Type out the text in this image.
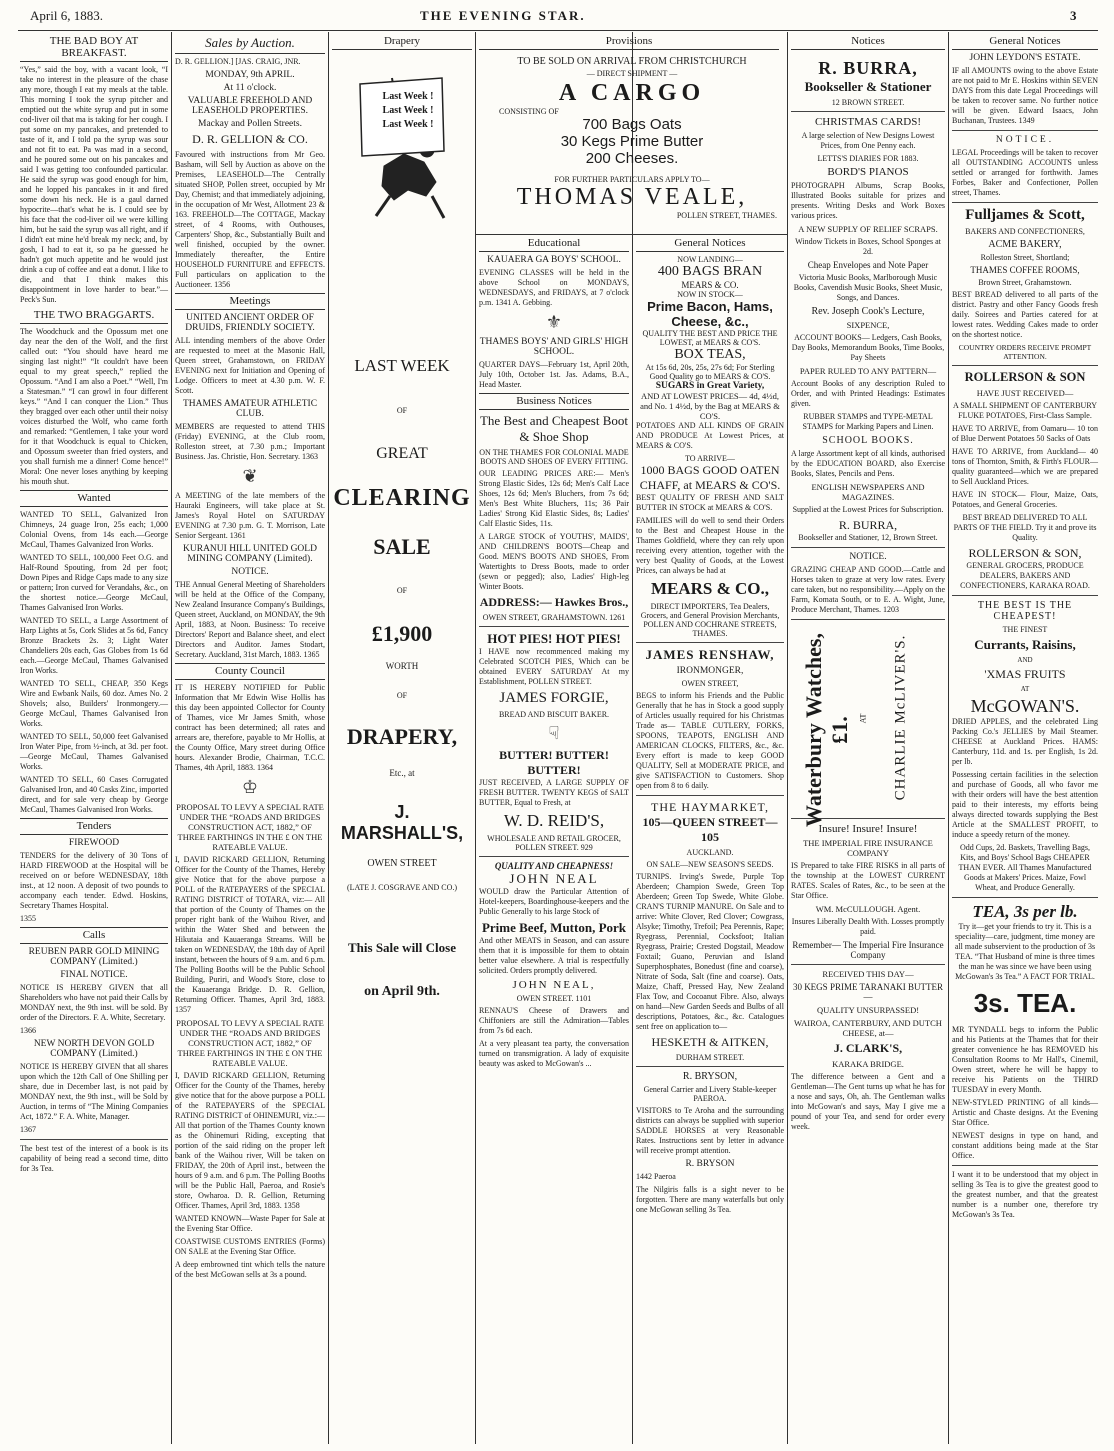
April 6, 1883.	THE EVENING STAR.	3
THE BAD BOY AT BREAKFAST.

“Yes,” said the boy, with a vacant look, “I take no interest in the pleasure of the chase any more, though I eat my meals at the table. This morning I took the syrup pitcher and emptied out the white syrup and put in some cod-liver oil that ma is taking for her cough. I put some on my pancakes, and pretended to taste of it, and I told pa the syrup was sour and not fit to eat. Pa was mad in a second, and he poured some out on his pancakes and said I was getting too confounded particular. He said the syrup was good enough for him, and he lopped his pancakes in it and fired some down his neck. He is a gaul darned hypocrite—that's what he is. I could see by his face that the cod-liver oil we were killing him, but he said the syrup was all right, and if I didn't eat mine he'd break my neck; and, by gosh, I had to eat it, so pa he guessed he hadn't got much appetite and he would just drink a cup of coffee and eat a donut. I like to die, and that I think makes this disappointment in love harder to bear.”—Peck's Sun.

THE TWO BRAGGARTS.

The Woodchuck and the Opossum met one day near the den of the Wolf, and the first called out: “You should have heard me singing last night!” “It couldn't have been equal to my great speech,” replied the Opossum. “And I am also a Poet.” “Well, I'm a Statesman.” “I can growl in four different keys.” “And I can conquer the Lion.” Thus they bragged over each other until their noisy voices disturbed the Wolf, who came forth and remarked: “Gentlemen, I take your word for it that Woodchuck is equal to Chicken, and Opossum sweeter than fried oysters, and you shall furnish me a dinner! Come hence!” Moral: One never loses anything by keeping his mouth shut.

Wanted

WANTED TO SELL, Galvanized Iron Chimneys, 24 guage Iron, 25s each; 1,000 Colonial Ovens, from 14s each.—George McCaul, Thames Galvanized Iron Works.

WANTED TO SELL, 100,000 Feet O.G. and Half-Round Spouting, from 2d per foot; Down Pipes and Ridge Caps made to any size or pattern; Iron curved for Verandahs, &c., on the shortest notice.—George McCaul, Thames Galvanised Iron Works.

WANTED TO SELL, a Large Assortment of Harp Lights at 5s, Cork Slides at 5s 6d, Fancy Bronze Brackets 2s. 3; Light Water Chandeliers 20s each, Gas Globes from 1s 6d each.—George McCaul, Thames Galvanised Iron Works.

WANTED TO SELL, CHEAP, 350 Kegs Wire and Ewbank Nails, 60 doz. Ames No. 2 Shovels; also, Builders' Ironmongery.—George McCaul, Thames Galvanised Iron Works.

WANTED TO SELL, 50,000 feet Galvanised Iron Water Pipe, from ½-inch, at 3d. per foot.—George McCaul, Thames Galvanised Works.

WANTED TO SELL, 60 Cases Corrugated Galvanised Iron, and 40 Casks Zinc, imported direct, and for sale very cheap by George McCaul, Thames Galvanised Iron Works.

Tenders
FIREWOOD

TENDERS for the delivery of 30 Tons of HARD FIREWOOD at the Hospital will be received on or before WEDNESDAY, 18th inst., at 12 noon. A deposit of two pounds to accompany each tender. Edwd. Hoskins, Secretary Thames Hospital.

1355

Calls
REUBEN PARR GOLD MINING COMPANY (Limited.)
FINAL NOTICE.

NOTICE IS HEREBY GIVEN that all Shareholders who have not paid their Calls by MONDAY next, the 9th inst. will be sold. By order of the Directors. F. A. White, Secretary.

1366

NEW NORTH DEVON GOLD COMPANY (Limited.)

NOTICE IS HEREBY GIVEN that all shares upon which the 12th Call of One Shilling per share, due in December last, is not paid by MONDAY next, the 9th inst., will be Sold by Auction, in terms of “The Mining Companies Act, 1872.” F. A. White, Manager.

1367

The best test of the interest of a book is its capability of being read a second time, ditto for 3s Tea.

Sales by Auction.

D. R. GELLION.] [JAS. CRAIG, JNR.

MONDAY, 9th APRIL.
At 11 o'clock.
VALUABLE FREEHOLD AND LEASEHOLD PROPERTIES.
Mackay and Pollen Streets.
D. R. GELLION & CO.

Favoured with instructions from Mr Geo. Basham, will Sell by Auction as above on the Premises, LEASEHOLD—The Centrally situated SHOP, Pollen street, occupied by Mr Day, Chemist; and that immediately adjoining, in the occupation of Mr West, Allotment 23 & 163. FREEHOLD—The COTTAGE, Mackay street, of 4 Rooms, with Outhouses, Carpenters' Shop, &c., Substantially Built and well finished, occupied by the owner. Immediately thereafter, the Entire HOUSEHOLD FURNITURE and EFFECTS. Full particulars on application to the Auctioneer. 1356

Meetings
UNITED ANCIENT ORDER OF DRUIDS, FRIENDLY SOCIETY.

ALL intending members of the above Order are requested to meet at the Masonic Hall, Queen street, Grahamstown, on FRIDAY EVENING next for Initiation and Opening of Lodge. Officers to meet at 4.30 p.m. W. F. Scott.

THAMES AMATEUR ATHLETIC CLUB.

MEMBERS are requested to attend THIS (Friday) EVENING, at the Club room, Rolleston street, at 7.30 p.m.; Important Business. Jas. Christie, Hon. Secretary. 1363

❦

A MEETING of the late members of the Hauraki Engineers, will take place at St. James's Royal Hotel on SATURDAY EVENING at 7.30 p.m. G. T. Morrison, Late Senior Sergeant. 1361

KURANUI HILL UNITED GOLD MINING COMPANY (Limited).
NOTICE.

THE Annual General Meeting of Shareholders will be held at the Office of the Company, New Zealand Insurance Company's Buildings, Queen street, Auckland, on MONDAY, the 9th April, 1883, at Noon. Business: To receive Directors' Report and Balance sheet, and elect Directors and Auditor. James Stodart, Secretary. Auckland, 31st March, 1883. 1365

County Council

IT IS HEREBY NOTIFIED for Public Information that Mr Edwin Wise Hollis has this day been appointed Collector for County of Thames, vice Mr James Smith, whose contract has been determined; all rates and arrears are, therefore, payable to Mr Hollis, at the County Office, Mary street during Office hours. Alexander Brodie, Chairman, T.C.C. Thames, 4th April, 1883. 1364

♔
PROPOSAL TO LEVY A SPECIAL RATE UNDER THE “ROADS AND BRIDGES CONSTRUCTION ACT, 1882,” OF THREE FARTHINGS IN THE £ ON THE RATEABLE VALUE.

I, DAVID RICKARD GELLION, Returning Officer for the County of the Thames, Hereby give Notice that for the above purpose a POLL of the RATEPAYERS of the SPECIAL RATING DISTRICT of TOTARA, viz:— All that portion of the County of Thames on the proper right bank of the Waihou River, and within the Water Shed and between the Hikutaia and Kauaeranga Streams. Will be taken on WEDNESDAY, the 18th day of April instant, between the hours of 9 a.m. and 6 p.m. The Polling Booths will be the Public School Building, Puriri, and Wood's Store, close to the Kauaeranga Bridge. D. R. Gellion, Returning Officer. Thames, April 3rd, 1883. 1357

PROPOSAL TO LEVY A SPECIAL RATE UNDER THE “ROADS AND BRIDGES CONSTRUCTION ACT, 1882,” OF THREE FARTHINGS IN THE £ ON THE RATEABLE VALUE.

I, DAVID RICKARD GELLION, Returning Officer for the County of the Thames, hereby give notice that for the above purpose a POLL of the RATEPAYERS of the SPECIAL RATING DISTRICT of OHINEMURI, viz.:— All that portion of the Thames County known as the Ohinemuri Riding, excepting that portion of the said riding on the proper left bank of the Waihou river, Will be taken on FRIDAY, the 20th of April inst., between the hours of 9 a.m. and 6 p.m. The Polling Booths will be the Public Hall, Paeroa, and Rosie's store, Owharoa. D. R. Gellion, Returning Officer. Thames, April 3rd, 1883. 1358

WANTED KNOWN—Waste Paper for Sale at the Evening Star Office.

COASTWISE CUSTOMS ENTRIES (Forms) ON SALE at the Evening Star Office.

A deep embrowned tint which tells the nature of the best McGowan sells at 3s a pound.

Drapery
Last Week !
Last Week !
Last Week !
LAST WEEK
OF
GREAT
CLEARING
SALE
OF
£1,900
WORTH
OF
DRAPERY,
Etc., at
J. MARSHALL'S,
OWEN STREET
(LATE J. COSGRAVE AND CO.)
This Sale will Close
on April 9th.
Provisions
TO BE SOLD ON ARRIVAL FROM CHRISTCHURCH
— DIRECT SHIPMENT —
A CARGO
CONSISTING OF
700 Bags Oats
30 Kegs Prime Butter
200 Cheeses.
FOR FURTHER PARTICULARS APPLY TO—
THOMAS VEALE,
POLLEN STREET, THAMES.
Educational
KAUAERA GA BOYS' SCHOOL.

EVENING CLASSES will be held in the above School on MONDAYS, WEDNESDAYS, and FRIDAYS, at 7 o'clock p.m. 1341 A. Gebbing.

⚜
THAMES BOYS' AND GIRLS' HIGH SCHOOL.

QUARTER DAYS—February 1st, April 20th, July 10th, October 1st. Jas. Adams, B.A., Head Master.

Business Notices
The Best and Cheapest Boot & Shoe Shop
ON THE THAMES FOR COLONIAL MADE BOOTS AND SHOES OF EVERY FITTING.

OUR LEADING PRICES ARE:— Men's Strong Elastic Sides, 12s 6d; Men's Calf Lace Shoes, 12s 6d; Men's Bluchers, from 7s 6d; Men's Best White Bluchers, 11s; 36 Pair Ladies' Strong Kid Elastic Sides, 8s; Ladies' Calf Elastic Sides, 11s.

A LARGE STOCK of YOUTHS', MAIDS', AND CHILDREN'S BOOTS—Cheap and Good. MEN'S BOOTS AND SHOES, From Watertights to Dress Boots, made to order (sewn or pegged); also, Ladies' High-leg Winter Boots.

ADDRESS:— Hawkes Bros.,
OWEN STREET, GRAHAMSTOWN. 1261
HOT PIES! HOT PIES!

I HAVE now recommenced making my Celebrated SCOTCH PIES, Which can be obtained EVERY SATURDAY At my Establishment, POLLEN STREET.

JAMES FORGIE,
BREAD AND BISCUIT BAKER.
☟
BUTTER! BUTTER! BUTTER!

JUST RECEIVED, A LARGE SUPPLY OF FRESH BUTTER. TWENTY KEGS of SALT BUTTER, Equal to Fresh, at

W. D. REID'S,
WHOLESALE AND RETAIL GROCER, POLLEN STREET. 929
QUALITY AND CHEAPNESS!
JOHN NEAL

WOULD draw the Particular Attention of Hotel-keepers, Boardinghouse-keepers and the Public Generally to his large Stock of

Prime Beef, Mutton, Pork

And other MEATS in Season, and can assure them that it is impossible for them to obtain better value elsewhere. A trial is respectfully solicited. Orders promptly delivered.

JOHN NEAL,
OWEN STREET. 1101

RENNAU'S Cheese of Drawers and Chiffoniers are still the Admiration—Tables from 7s 6d each.

At a very pleasant tea party, the conversation turned on transmigration. A lady of exquisite beauty was asked to McGowan's ...

General Notices
NOW LANDING—
400 BAGS BRAN
MEARS & CO.
NOW IN STOCK—
Prime Bacon, Hams, Cheese, &c.,
QUALITY THE BEST AND PRICE THE LOWEST, at MEARS & CO'S.
BOX TEAS,
At 15s 6d, 20s, 25s, 27s 6d; For Sterling Good Quality go to MEARS & CO'S.
SUGARS in Great Variety,
AND AT LOWEST PRICES— 4d, 4½d, and No. 1 4½d, by the Bag at MEARS & CO'S.

POTATOES AND ALL KINDS OF GRAIN AND PRODUCE At Lowest Prices, at MEARS & CO'S.

TO ARRIVE—
1000 BAGS GOOD OATEN CHAFF, at MEARS & CO'S.

BEST QUALITY OF FRESH AND SALT BUTTER IN STOCK at MEARS & CO'S.

FAMILIES will do well to send their Orders to the Best and Cheapest House in the Thames Goldfield, where they can rely upon receiving every attention, together with the very best Quality of Goods, at the Lowest Prices, can always be had at

MEARS & CO.,
DIRECT IMPORTERS, Tea Dealers, Grocers, and General Provision Merchants, POLLEN AND COCHRANE STREETS, THAMES.
JAMES RENSHAW,
IRONMONGER,
OWEN STREET,

BEGS to inform his Friends and the Public Generally that he has in Stock a good supply of Articles usually required for his Christmas Trade as— TABLE CUTLERY, FORKS, SPOONS, TEAPOTS, ENGLISH AND AMERICAN CLOCKS, FILTERS, &c., &c. Every effort is made to keep GOOD QUALITY, Sell at MODERATE PRICE, and give SATISFACTION to Customers. Shop open from 8 to 6 daily.

THE HAYMARKET,
105—QUEEN STREET—105
AUCKLAND.
ON SALE—NEW SEASON'S SEEDS.

TURNIPS. Irving's Swede, Purple Top Aberdeen; Champion Swede, Green Top Aberdeen; Green Top Swede, White Globe. CRAN'S TURNIP MANURE. On Sale and to arrive: White Clover, Red Clover; Cowgrass, Alsyke; Timothy, Trefoil; Pea Perennis, Rape; Ryegrass, Perennial, Cocksfoot; Italian Ryegrass, Prairie; Crested Dogstail, Meadow Foxtail; Guano, Peruvian and Island Superphosphates, Bonedust (fine and coarse), Nitrate of Soda, Salt (fine and coarse). Oats, Maize, Chaff, Pressed Hay, New Zealand Flax Tow, and Cocoanut Fibre. Also, always on hand—New Garden Seeds and Bulbs of all descriptions, Potatoes, &c., &c. Catalogues sent free on application to—

HESKETH & AITKEN,
DURHAM STREET.
R. BRYSON,
General Carrier and Livery Stable-keeper PAEROA.

VISITORS to Te Aroha and the surrounding districts can always be supplied with superior SADDLE HORSES at very Reasonable Rates. Instructions sent by letter in advance will receive prompt attention.

R. BRYSON

1442 Paeroa

The Nilgiris falls is a sight never to be forgotten. There are many waterfalls but only one McGowan selling 3s Tea.

Notices
R. BURRA,
Bookseller & Stationer
12 BROWN STREET.
CHRISTMAS CARDS!

A large selection of New Designs Lowest Prices, from One Penny each.

LETTS'S DIARIES FOR 1883.
BORD'S PIANOS

PHOTOGRAPH Albums, Scrap Books, Illustrated Books suitable for prizes and presents. Writing Desks and Work Boxes various prices.

A NEW SUPPLY OF RELIEF SCRAPS.

Window Tickets in Boxes, School Sponges at 2d.

Cheap Envelopes and Note Paper

Victoria Music Books, Marlborough Music Books, Cavendish Music Books, Sheet Music, Songs, and Dances.

Rev. Joseph Cook's Lecture,
SIXPENCE,

ACCOUNT BOOKS— Ledgers, Cash Books, Day Books, Memorandum Books, Time Books, Pay Sheets

PAPER RULED TO ANY PATTERN—

Account Books of any description Ruled to Order, and with Printed Headings: Estimates given.

RUBBER STAMPS and TYPE-METAL STAMPS for Marking Papers and Linen.

SCHOOL BOOKS.

A large Assortment kept of all kinds, authorised by the EDUCATION BOARD, also Exercise Books, Slates, Pencils and Pens.

ENGLISH NEWSPAPERS AND MAGAZINES.

Supplied at the Lowest Prices for Subscription.

R. BURRA,

Bookseller and Stationer, 12, Brown Street.

NOTICE.

GRAZING CHEAP AND GOOD.—Cattle and Horses taken to graze at very low rates. Every care taken, but no responsibility.—Apply on the Farm, Komata South, or to E. A. Wight, June, Produce Merchant, Thames. 1203

Waterbury Watches, £1. AT CHARLIE McLIVER'S.
Insure! Insure! Insure!
THE IMPERIAL FIRE INSURANCE COMPANY

IS Prepared to take FIRE RISKS in all parts of the township at the LOWEST CURRENT RATES. Scales of Rates, &c., to be seen at the Star Office.

WM. McCULLOUGH. Agent.

Insures Liberally Dealth With. Losses promptly paid.

Remember— The Imperial Fire Insurance Company
RECEIVED THIS DAY—
30 KEGS PRIME TARANAKI BUTTER—
QUALITY UNSURPASSED!
WAIROA, CANTERBURY, AND DUTCH CHEESE, at—
J. CLARK'S,
KARAKA BRIDGE.

The difference between a Gent and a Gentleman—The Gent turns up what he has for a nose and says, Oh, ah. The Gentleman walks into McGowan's and says, May I give me a pound of your Tea, and send for order every week.

General Notices
JOHN LEYDON'S ESTATE.

IF all AMOUNTS owing to the above Estate are not paid to Mr E. Hoskins within SEVEN DAYS from this date Legal Proceedings will be taken to recover same. No further notice will be given. Edward Isaacs, John Buchanan, Trustees. 1349

NOTICE.

LEGAL Proceedings will be taken to recover all OUTSTANDING ACCOUNTS unless settled or arranged for forthwith. James Forbes, Baker and Confectioner, Pollen street, Thames.

Fulljames & Scott,
BAKERS AND CONFECTIONERS,
ACME BAKERY,
Rolleston Street, Shortland;
THAMES COFFEE ROOMS,
Brown Street, Grahamstown.

BEST BREAD delivered to all parts of the district. Pastry and other Fancy Goods fresh daily. Soirees and Parties catered for at lowest rates. Wedding Cakes made to order on the shortest notice.

COUNTRY ORDERS RECEIVE PROMPT ATTENTION.
ROLLERSON & SON
HAVE JUST RECEIVED—

A SMALL SHIPMENT OF CANTERBURY FLUKE POTATOES, First-Class Sample.

HAVE TO ARRIVE, from Oamaru— 10 ton of Blue Derwent Potatoes 50 Sacks of Oats

HAVE TO ARRIVE, from Auckland— 40 tons of Thornton, Smith, & Firth's FLOUR—quality guaranteed—which we are prepared to Sell Auckland Prices.

HAVE IN STOCK— Flour, Maize, Oats, Potatoes, and General Groceries.

BEST BREAD DELIVERED TO ALL PARTS OF THE FIELD. Try it and prove its Quality.

ROLLERSON & SON,

GENERAL GROCERS, PRODUCE DEALERS, BAKERS AND CONFECTIONERS, KARAKA ROAD.

THE BEST IS THE CHEAPEST!
THE FINEST
Currants, Raisins,
AND
'XMAS FRUITS
AT
McGOWAN'S.

DRIED APPLES, and the celebrated Ling Packing Co.'s JELLIES by Mail Steamer. CHEESE at Auckland Prices. HAMS: Canterbury, 11d. and 1s. per English, 1s 2d. per lb.

Possessing certain facilities in the selection and purchase of Goods, all who favor me with their orders will have the best attention paid to their interests, my efforts being always directed towards supplying the Best Article at the SMALLEST PROFIT, to induce a speedy return of the money.

Odd Cups, 2d. Baskets, Travelling Bags, Kits, and Boys' School Bags CHEAPER THAN EVER. All Thames Manufactured Goods at Makers' Prices. Maize, Fowl Wheat, and Produce Generally.

TEA, 3s per lb.

Try it—get your friends to try it. This is a speciality—care, judgment, time money are all made subservient to the production of 3s TEA. “That Husband of mine is three times the man he was since we have been using McGowan's 3s Tea.” A FACT FOR TRIAL.

3s. TEA.

MR TYNDALL begs to inform the Public and his Patients at the Thames that for their greater convenience he has REMOVED his Consultation Rooms to Mr Hall's, Cinemil, Owen street, where he will be happy to receive his Patients on the THIRD TUESDAY in every Month.

NEW-STYLED PRINTING of all kinds—Artistic and Chaste designs. At the Evening Star Office.

NEWEST designs in type on hand, and constant additions being made at the Star Office.

I want it to be understood that my object in selling 3s Tea is to give the greatest good to the greatest number, and that the greatest number is a number one, therefore try McGowan's 3s Tea.
